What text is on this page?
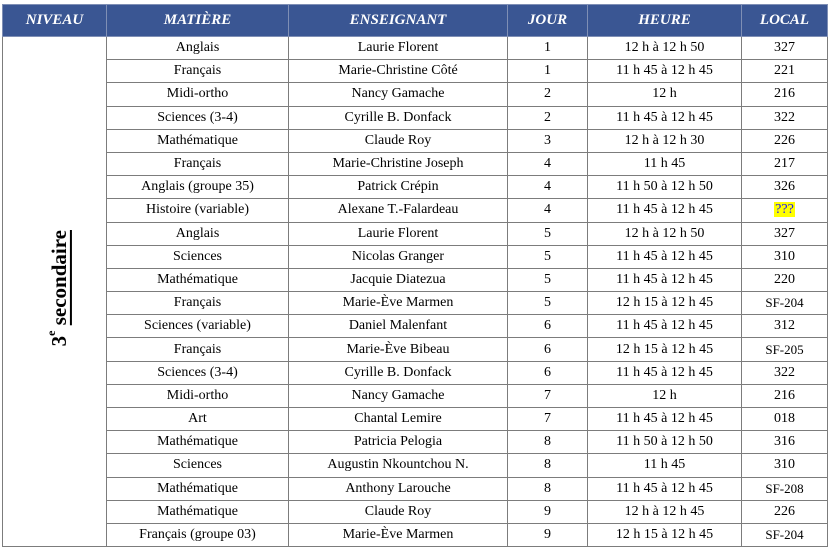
NIVEAU	MATIÈRE	ENSEIGNANT	JOUR	HEURE	LOCAL
3e secondaire	Anglais	Laurie Florent	1	12 h à 12 h 50	327
	Français	Marie-Christine Côté	1	11 h 45 à 12 h 45	221
	Midi-ortho	Nancy Gamache	2	12 h	216
	Sciences (3-4)	Cyrille B. Donfack	2	11 h 45 à 12 h 45	322
	Mathématique	Claude Roy	3	12 h à 12 h 30	226
	Français	Marie-Christine Joseph	4	11 h 45	217
	Anglais (groupe 35)	Patrick Crépin	4	11 h 50 à 12 h 50	326
	Histoire (variable)	Alexane T.-Falardeau	4	11 h 45 à 12 h 45	???
	Anglais	Laurie Florent	5	12 h à 12 h 50	327
	Sciences	Nicolas Granger	5	11 h 45 à 12 h 45	310
	Mathématique	Jacquie Diatezua	5	11 h 45 à 12 h 45	220
	Français	Marie-Ève Marmen	5	12 h 15 à 12 h 45	SF-204
	Sciences (variable)	Daniel Malenfant	6	11 h 45 à 12 h 45	312
	Français	Marie-Ève Bibeau	6	12 h 15 à 12 h 45	SF-205
	Sciences (3-4)	Cyrille B. Donfack	6	11 h 45 à 12 h 45	322
	Midi-ortho	Nancy Gamache	7	12 h	216
	Art	Chantal Lemire	7	11 h 45 à 12 h 45	018
	Mathématique	Patricia Pelogia	8	11 h 50 à 12 h 50	316
	Sciences	Augustin Nkountchou N.	8	11 h 45	310
	Mathématique	Anthony Larouche	8	11 h 45 à 12 h 45	SF-208
	Mathématique	Claude Roy	9	12 h à 12 h 45	226
	Français (groupe 03)	Marie-Ève Marmen	9	12 h 15 à 12 h 45	SF-204
